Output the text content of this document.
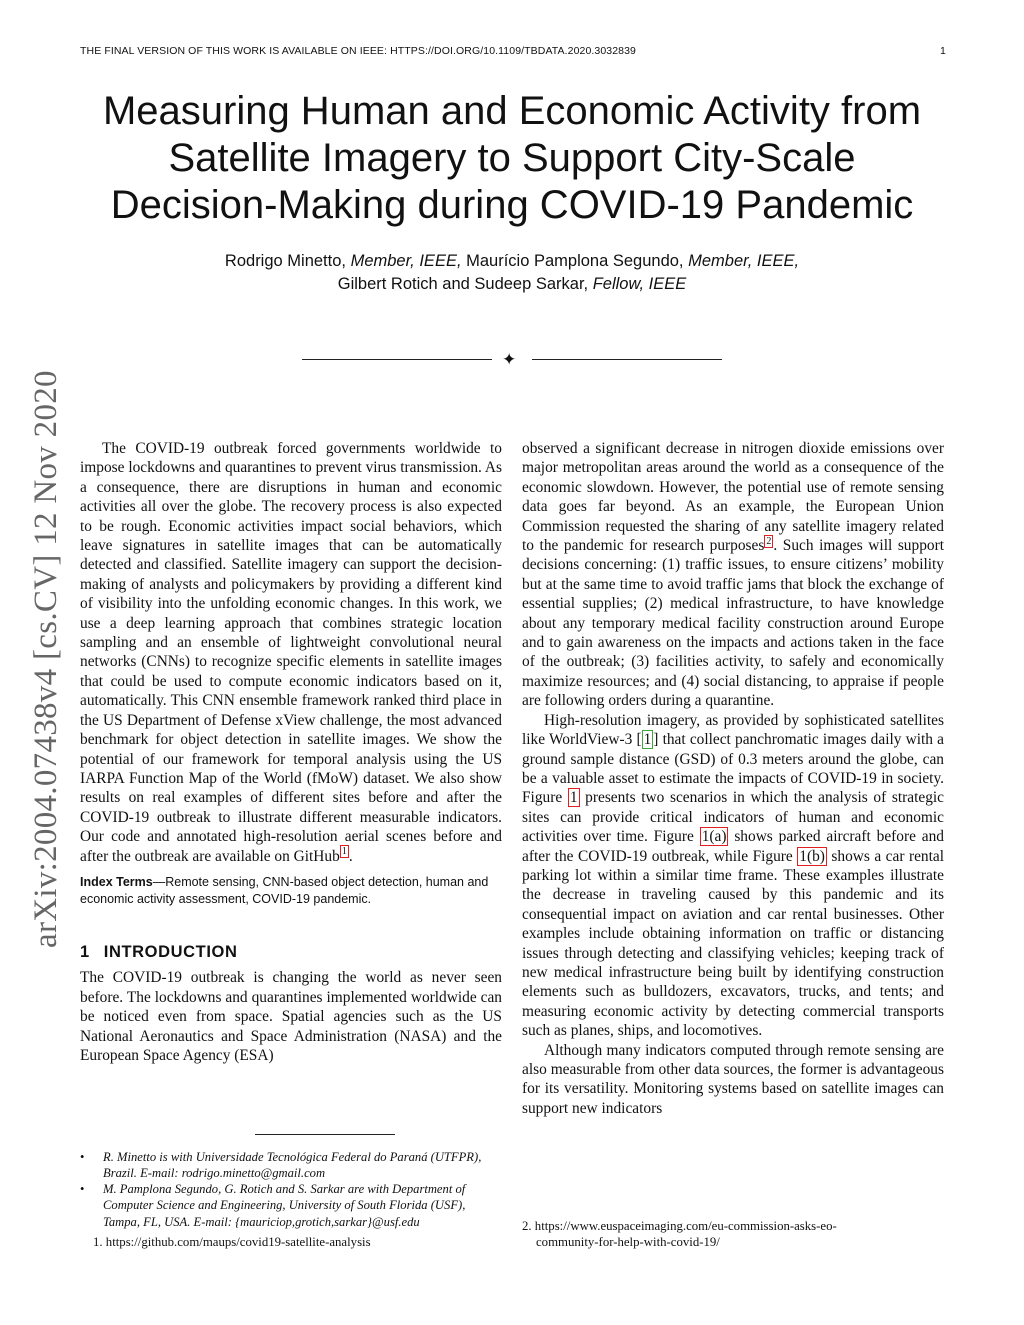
THE FINAL VERSION OF THIS WORK IS AVAILABLE ON IEEE: HTTPS://DOI.ORG/10.1109/TBDATA.2020.3032839	1
Measuring Human and Economic Activity from
Satellite Imagery to Support City-Scale
Decision-Making during COVID-19 Pandemic
Rodrigo Minetto, Member, IEEE, Maurício Pamplona Segundo, Member, IEEE,
Gilbert Rotich and Sudeep Sarkar, Fellow, IEEE
✦
arXiv:2004.07438v4 [cs.CV] 12 Nov 2020	The COVID-19 outbreak forced governments worldwide to impose lockdowns and quarantines to prevent virus transmission. As a consequence, there are disruptions in human and economic activities all over the globe. The recovery process is also expected to be rough. Economic activities impact social behaviors, which leave signatures in satellite images that can be automatically detected and classified. Satellite imagery can support the decision-making of analysts and policymakers by providing a different kind of visibility into the unfolding economic changes. In this work, we use a deep learning approach that combines strategic location sampling and an ensemble of lightweight convolutional neural networks (CNNs) to recognize specific elements in satellite images that could be used to compute economic indicators based on it, automatically. This CNN ensemble framework ranked third place in the US Department of Defense xView challenge, the most advanced benchmark for object detection in satellite images. We show the potential of our framework for temporal analysis using the US IARPA Function Map of the World (fMoW) dataset. We also show results on real examples of different sites before and after the COVID-19 outbreak to illustrate different measurable indicators. Our code and annotated high-resolution aerial scenes before and after the outbreak are available on GitHub $^1$ .

Index Terms—Remote sensing, CNN-based object detection, human and economic activity assessment, COVID-19 pandemic.

1 INTRODUCTION

The COVID-19 outbreak is changing the world as never seen before. The lockdowns and quarantines implemented worldwide can be noticed even from space. Spatial agencies such as the US National Aeronautics and Space Administration (NASA) and the European Space Agency (ESA)

observed a significant decrease in nitrogen dioxide emissions over major metropolitan areas around the world as a consequence of the economic slowdown. However, the potential use of remote sensing data goes far beyond. As an example, the European Union Commission requested the sharing of any satellite imagery related to the pandemic for research purposes $^2$ . Such images will support decisions concerning: (1) traffic issues, to ensure citizens’ mobility but at the same time to avoid traffic jams that block the exchange of essential supplies; (2) medical infrastructure, to have knowledge about any temporary medical facility construction around Europe and to gain awareness on the impacts and actions taken in the face of the outbreak; (3) facilities activity, to safely and economically maximize resources; and (4) social distancing, to appraise if people are following orders during a quarantine.

High-resolution imagery, as provided by sophisticated satellites like WorldView-3 [ 1 ] that collect panchromatic images daily with a ground sample distance (GSD) of 0.3 meters around the globe, can be a valuable asset to estimate the impacts of COVID-19 in society. Figure 1 presents two scenarios in which the analysis of strategic sites can provide critical indicators of human and economic activities over time. Figure 1(a) shows parked aircraft before and after the COVID-19 outbreak, while Figure 1(b) shows a car rental parking lot within a similar time frame. These examples illustrate the decrease in traveling caused by this pandemic and its consequential impact on aviation and car rental businesses. Other examples include obtaining information on traffic or distancing issues through detecting and classifying vehicles; keeping track of new medical infrastructure being built by identifying construction elements such as bulldozers, excavators, trucks, and tents; and measuring economic activity by detecting commercial transports such as planes, ships, and locomotives.

Although many indicators computed through remote sensing are also measurable from other data sources, the former is advantageous for its versatility. Monitoring systems based on satellite images can support new indicators

•	R. Minetto is with Universidade Tecnológica Federal do Paraná (UTFPR), Brazil. E-mail: rodrigo.minetto@gmail.com
•	M. Pamplona Segundo, G. Rotich and S. Sarkar are with Department of Computer Science and Engineering, University of South Florida (USF), Tampa, FL, USA. E-mail: {mauriciop,grotich,sarkar}@usf.edu
1. https://github.com/maups/covid19-satellite-analysis
2. https://www.euspaceimaging.com/eu-commission-asks-eo-
community-for-help-with-covid-19/
